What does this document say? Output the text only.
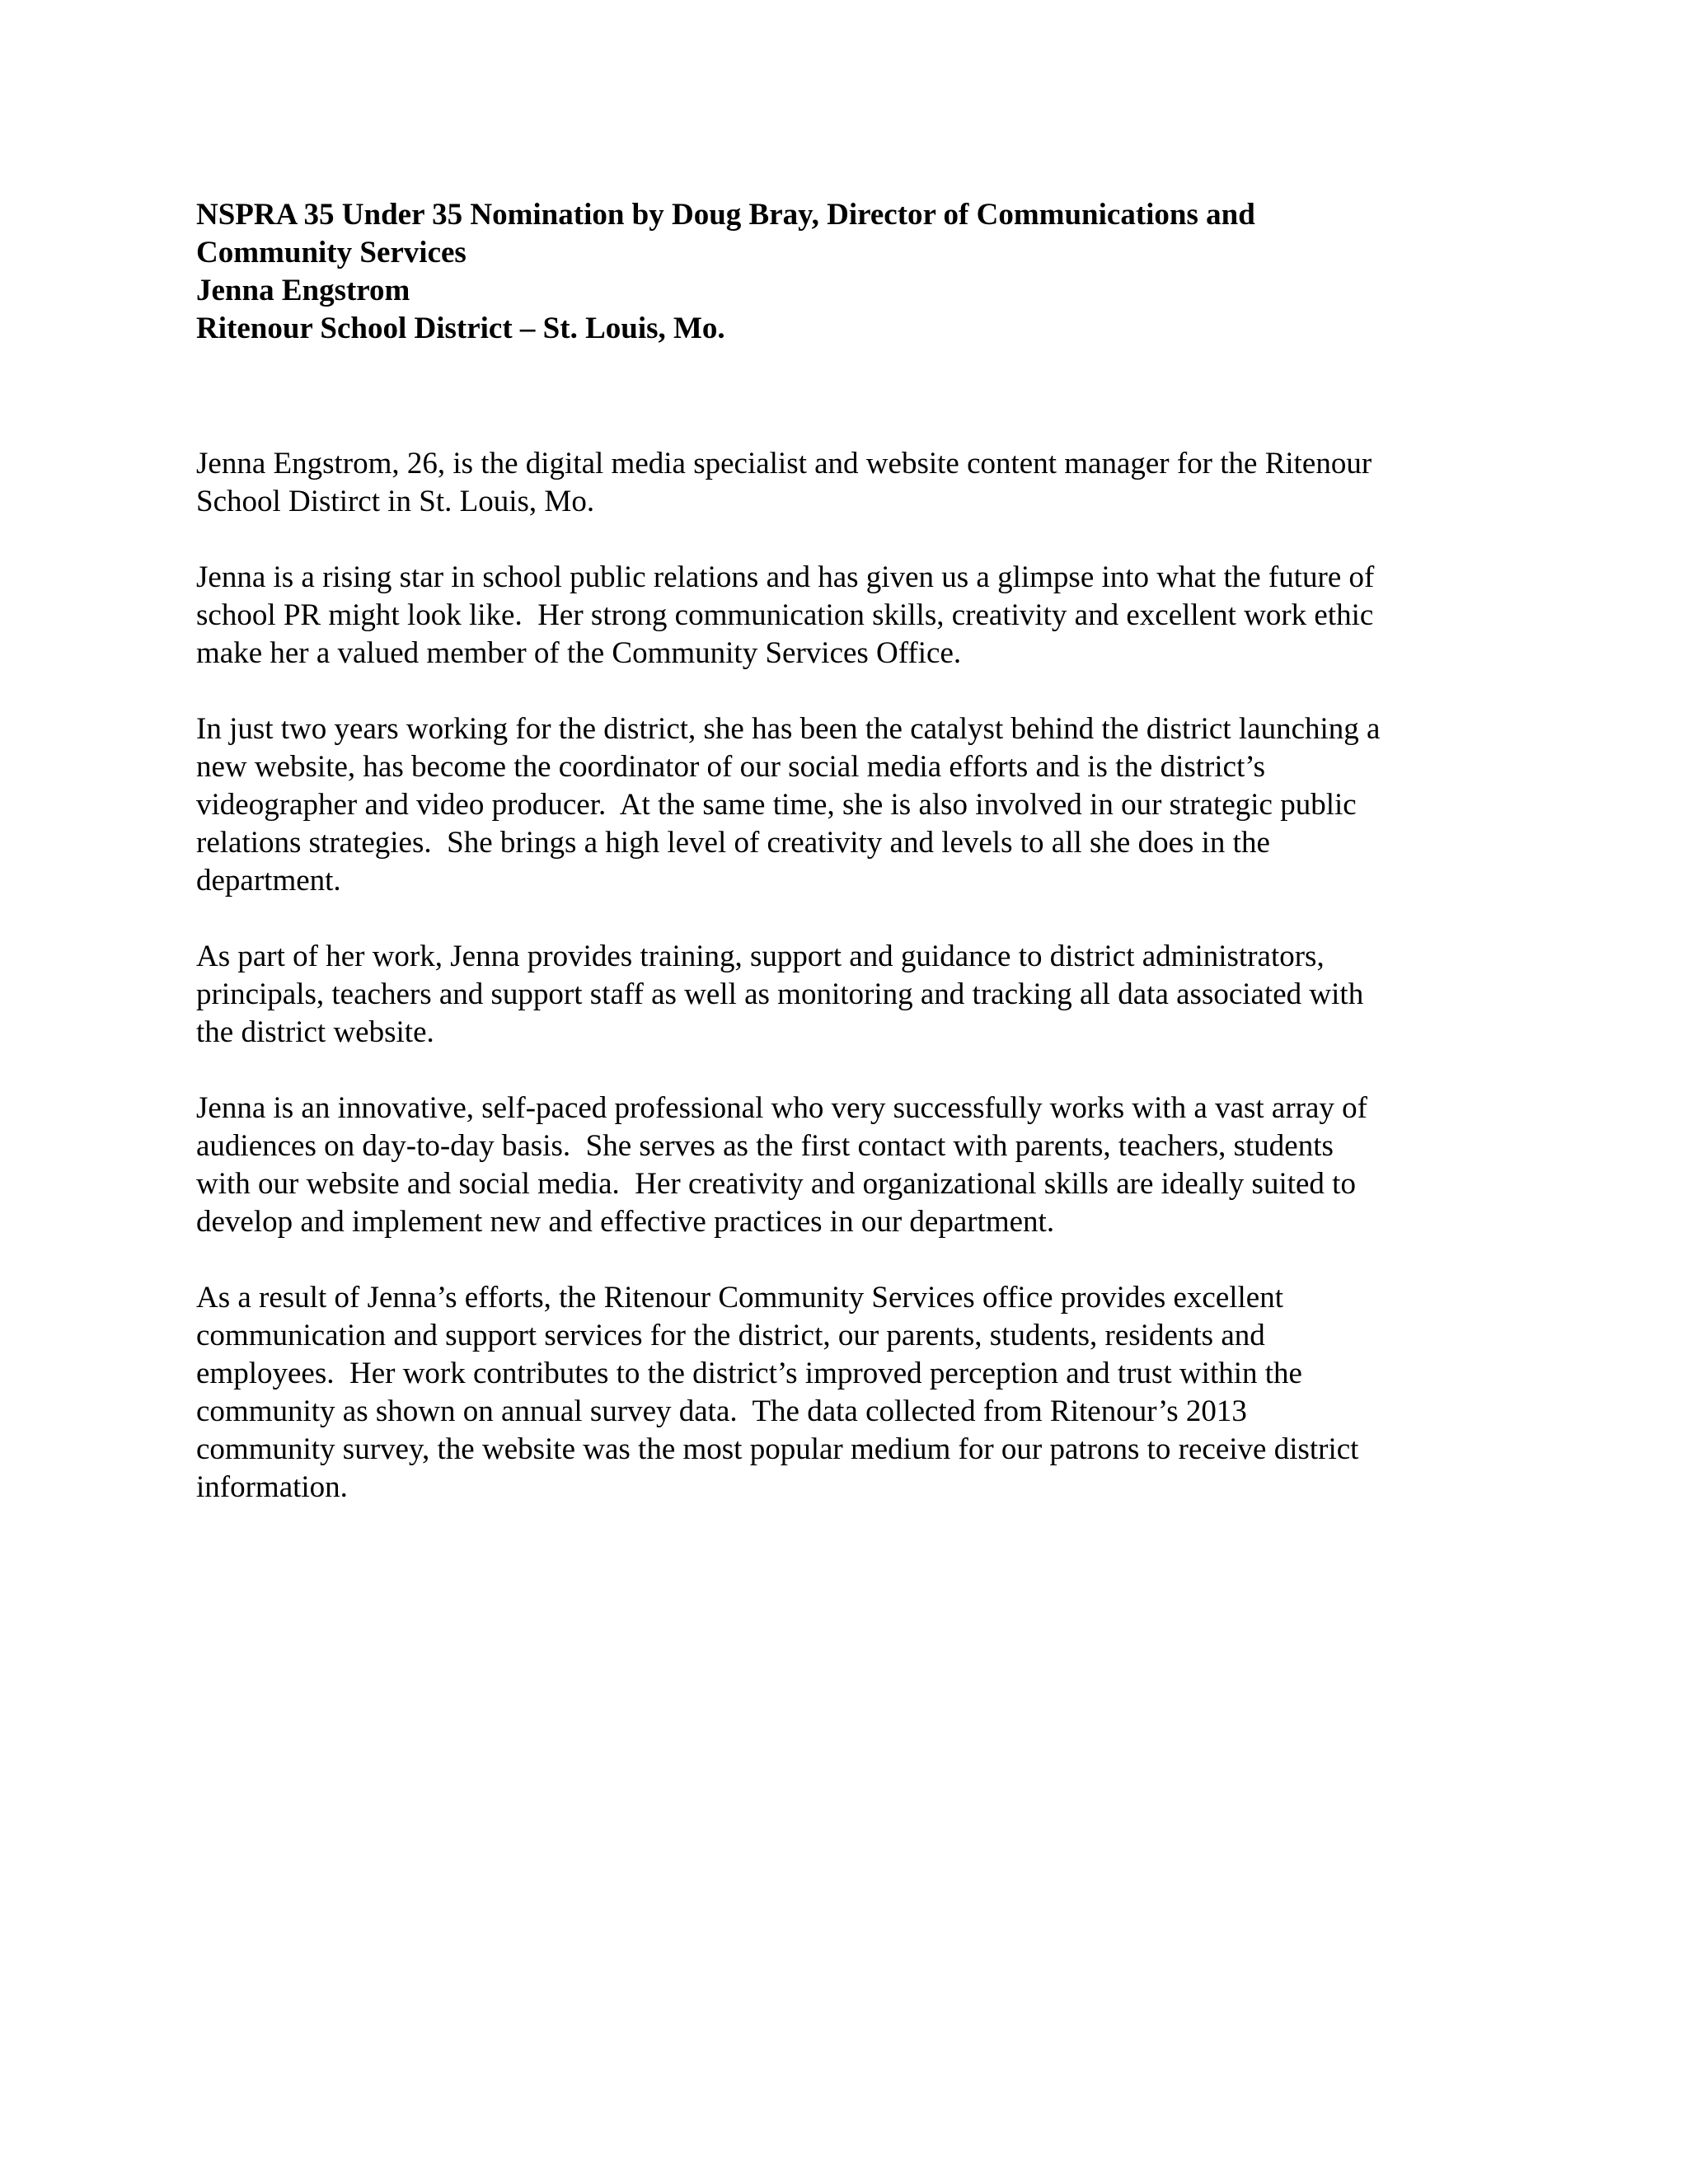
NSPRA 35 Under 35 Nomination by Doug Bray, Director of Communications and
Community Services
Jenna Engstrom
Ritenour School District – St. Louis, Mo.

Jenna Engstrom, 26, is the digital media specialist and website content manager for the Ritenour
School Distirct in St. Louis, Mo.

Jenna is a rising star in school public relations and has given us a glimpse into what the future of
school PR might look like.  Her strong communication skills, creativity and excellent work ethic
make her a valued member of the Community Services Office.

In just two years working for the district, she has been the catalyst behind the district launching a
new website, has become the coordinator of our social media efforts and is the district’s
videographer and video producer.  At the same time, she is also involved in our strategic public
relations strategies.  She brings a high level of creativity and levels to all she does in the
department.

As part of her work, Jenna provides training, support and guidance to district administrators,
principals, teachers and support staff as well as monitoring and tracking all data associated with
the district website.

Jenna is an innovative, self-paced professional who very successfully works with a vast array of
audiences on day-to-day basis.  She serves as the first contact with parents, teachers, students
with our website and social media.  Her creativity and organizational skills are ideally suited to
develop and implement new and effective practices in our department.

As a result of Jenna’s efforts, the Ritenour Community Services office provides excellent
communication and support services for the district, our parents, students, residents and
employees.  Her work contributes to the district’s improved perception and trust within the
community as shown on annual survey data.  The data collected from Ritenour’s 2013
community survey, the website was the most popular medium for our patrons to receive district
information.
